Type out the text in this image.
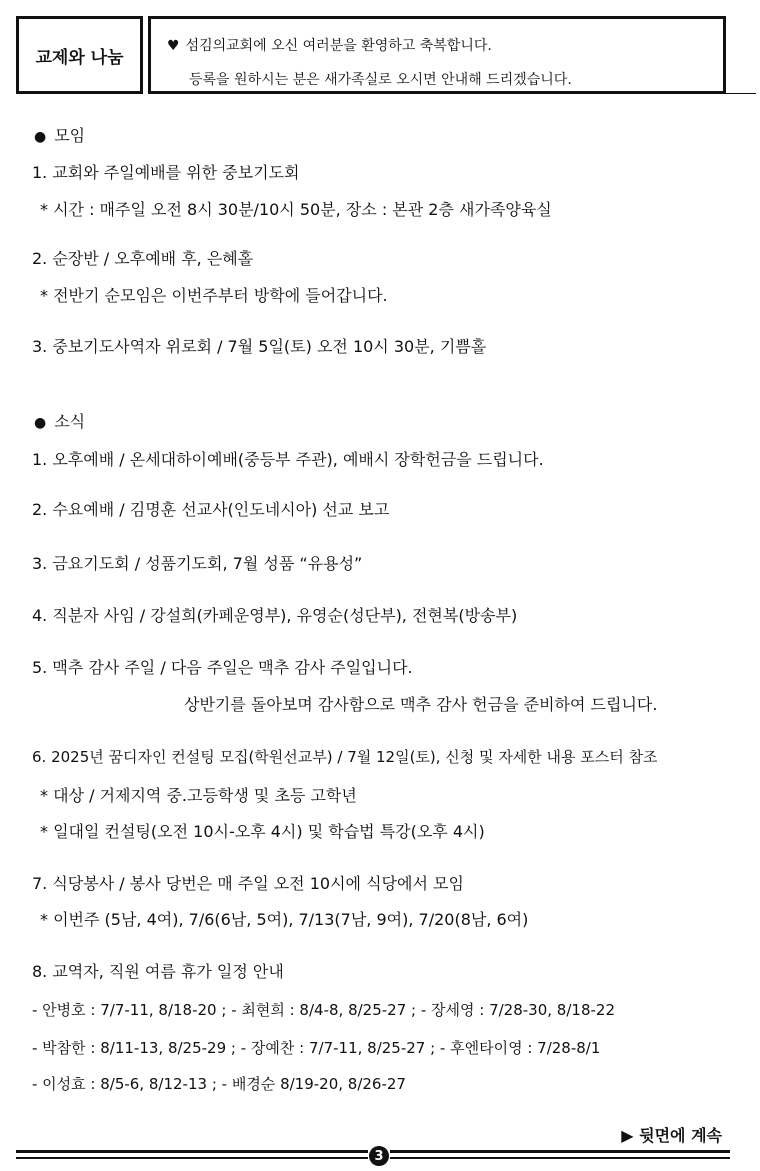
교제와 나눔
♥ 섬김의교회에 오신 여러분을 환영하고 축복합니다.
등록을 원하시는 분은 새가족실로 오시면 안내해 드리겠습니다.
● 모임
1. 교회와 주일예배를 위한 중보기도회
* 시간 : 매주일 오전 8시 30분/10시 50분, 장소 : 본관 2층 새가족양육실
2. 순장반 / 오후예배 후, 은혜홀
* 전반기 순모임은 이번주부터 방학에 들어갑니다.
3. 중보기도사역자 위로회 / 7월 5일(토) 오전 10시 30분, 기쁨홀
● 소식
1. 오후예배 / 온세대하이예배(중등부 주관), 예배시 장학헌금을 드립니다.
2. 수요예배 / 김명훈 선교사(인도네시아) 선교 보고
3. 금요기도회 / 성품기도회, 7월 성품 “유용성”
4. 직분자 사임 / 강설희(카페운영부), 유영순(성단부), 전현복(방송부)
5. 맥추 감사 주일 / 다음 주일은 맥추 감사 주일입니다.
상반기를 돌아보며 감사함으로 맥추 감사 헌금을 준비하여 드립니다.
6. 2025년 꿈디자인 컨설팅 모집(학원선교부) / 7월 12일(토), 신청 및 자세한 내용 포스터 참조
* 대상 / 거제지역 중.고등학생 및 초등 고학년
* 일대일 컨설팅(오전 10시-오후 4시) 및 학습법 특강(오후 4시)
7. 식당봉사 / 봉사 당번은 매 주일 오전 10시에 식당에서 모임
* 이번주 (5남, 4여), 7/6(6남, 5여), 7/13(7남, 9여), 7/20(8남, 6여)
8. 교역자, 직원 여름 휴가 일정 안내
- 안병호 : 7/7-11, 8/18-20 ; - 최현희 : 8/4-8, 8/25-27 ; - 장세영 : 7/28-30, 8/18-22
- 박참한 : 8/11-13, 8/25-29 ; - 장예찬 : 7/7-11, 8/25-27 ; - 후엔타이영 : 7/28-8/1
- 이성효 : 8/5-6, 8/12-13 ; - 배경순 8/19-20, 8/26-27
▶ 뒷면에 계속
3
